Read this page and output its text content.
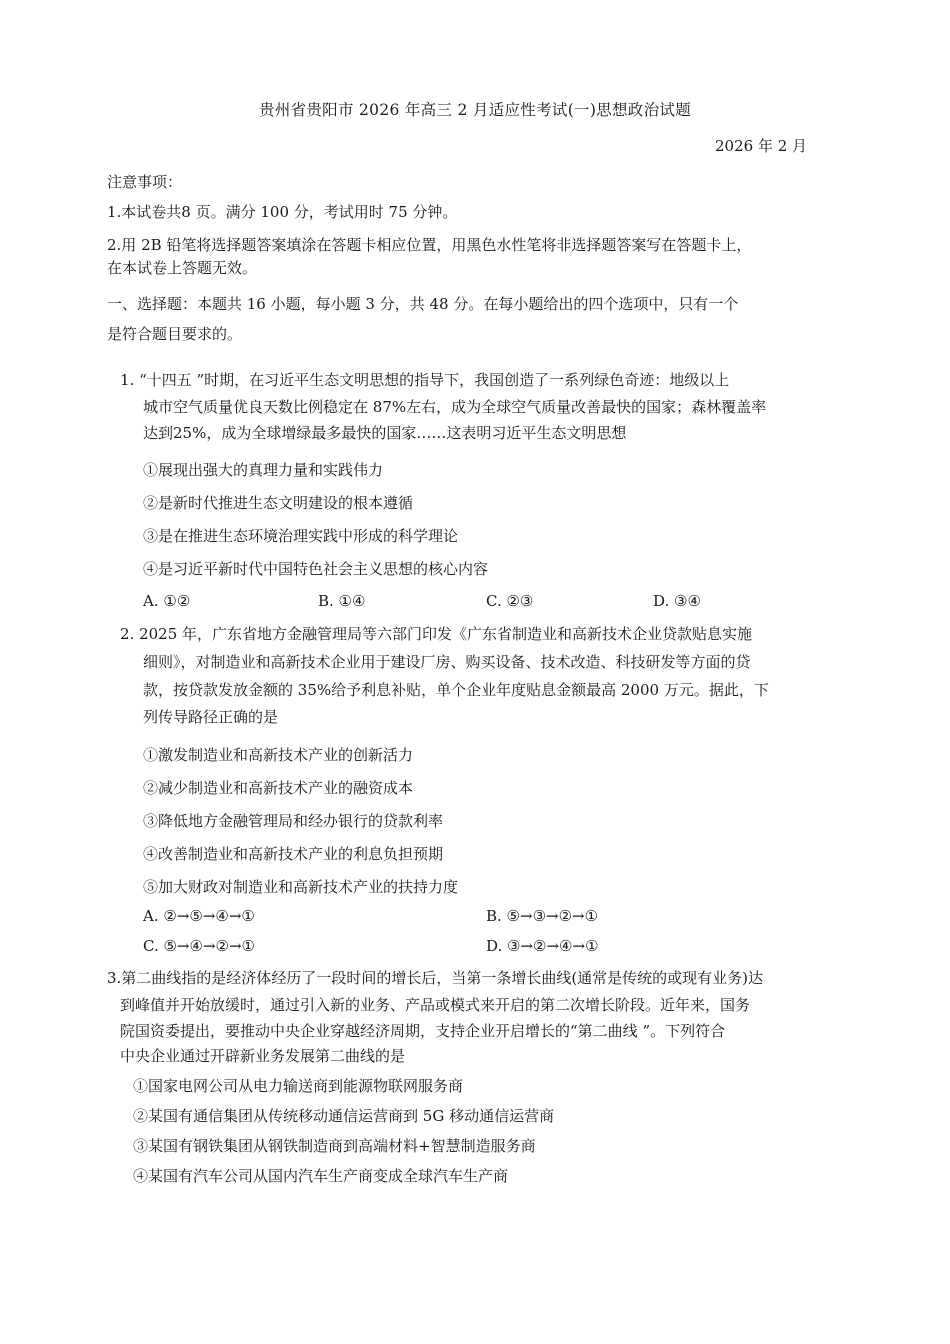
贵州省贵阳市 2026 年高三 2 月适应性考试(一)思想政治试题
2026 年 2 月
注意事项：
1.本试卷共8 页。满分 100 分，考试用时 75 分钟。
2.用 2B 铅笔将选择题答案填涂在答题卡相应位置，用黑色水性笔将非选择题答案写在答题卡上，
在本试卷上答题无效。
一、选择题：本题共 16 小题，每小题 3 分，共 48 分。在每小题给出的四个选项中，只有一个
是符合题目要求的。
1. “十四五 ”时期，在习近平生态文明思想的指导下，我国创造了一系列绿色奇迹：地级以上
城市空气质量优良天数比例稳定在 87%左右，成为全球空气质量改善最快的国家；森林覆盖率
达到25%，成为全球增绿最多最快的国家……这表明习近平生态文明思想
①展现出强大的真理力量和实践伟力
②是新时代推进生态文明建设的根本遵循
③是在推进生态环境治理实践中形成的科学理论
④是习近平新时代中国特色社会主义思想的核心内容
A. ①②	B. ①④	C. ②③	D. ③④
2. 2025 年，广东省地方金融管理局等六部门印发《广东省制造业和高新技术企业贷款贴息实施
细则》，对制造业和高新技术企业用于建设厂房、购买设备、技术改造、科技研发等方面的贷
款，按贷款发放金额的 35%给予利息补贴，单个企业年度贴息金额最高 2000 万元。据此，下
列传导路径正确的是
①激发制造业和高新技术产业的创新活力
②减少制造业和高新技术产业的融资成本
③降低地方金融管理局和经办银行的贷款利率
④改善制造业和高新技术产业的利息负担预期
⑤加大财政对制造业和高新技术产业的扶持力度
A. ②→⑤→④→①	B. ⑤→③→②→①
C. ⑤→④→②→①	D. ③→②→④→①
3.第二曲线指的是经济体经历了一段时间的增长后，当第一条增长曲线(通常是传统的或现有业务)达
到峰值并开始放缓时，通过引入新的业务、产品或模式来开启的第二次增长阶段。近年来，国务
院国资委提出，要推动中央企业穿越经济周期，支持企业开启增长的“第二曲线 ”。下列符合
中央企业通过开辟新业务发展第二曲线的是
①国家电网公司从电力输送商到能源物联网服务商
②某国有通信集团从传统移动通信运营商到 5G 移动通信运营商
③某国有钢铁集团从钢铁制造商到高端材料+智慧制造服务商
④某国有汽车公司从国内汽车生产商变成全球汽车生产商
